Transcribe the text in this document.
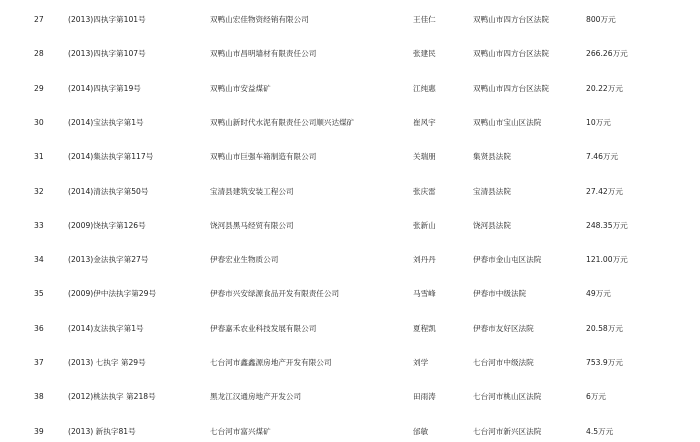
27	(2013)四执字第101号	双鸭山宏佳物资经销有限公司	王佳仁	双鸭山市四方台区法院	800万元
28	(2013)四执字第107号	双鸭山市昌明墙材有限责任公司	张建民	双鸭山市四方台区法院	266.26万元
29	(2014)四执字第19号	双鸭山市安益煤矿	江纯惠	双鸭山市四方台区法院	20.22万元
30	(2014)宝法执字第1号	双鸭山新时代水泥有限责任公司顺兴达煤矿	崔风宇	双鸭山市宝山区法院	10万元
31	(2014)集法执字第117号	双鸭山市巨强车箱制造有限公司	关瑞朋	集贤县法院	7.46万元
32	(2014)清法执字第50号	宝清县建筑安装工程公司	张庆雷	宝清县法院	27.42万元
33	(2009)饶执字第126号	饶河县黑马经贸有限公司	张新山	饶河县法院	248.35万元
34	(2013)金法执字第27号	伊春宏业生物质公司	刘丹丹	伊春市金山屯区法院	121.00万元
35	(2009)伊中法执字第29号	伊春市兴安绿源食品开发有限责任公司	马雪峰	伊春市中级法院	49万元
36	(2014)友法执字第1号	伊春嘉禾农业科技发展有限公司	夏程凯	伊春市友好区法院	20.58万元
37	(2013) 七执字 第29号	七台河市鑫鑫源房地产开发有限公司	刘学	七台河市中级法院	753.9万元
38	(2012)桃法执字 第218号	黑龙江汉通房地产开发公司	田雨涛	七台河市桃山区法院	6万元
39	(2013) 新执字81号	七台河市富兴煤矿	邰敏	七台河市新兴区法院	4.5万元
